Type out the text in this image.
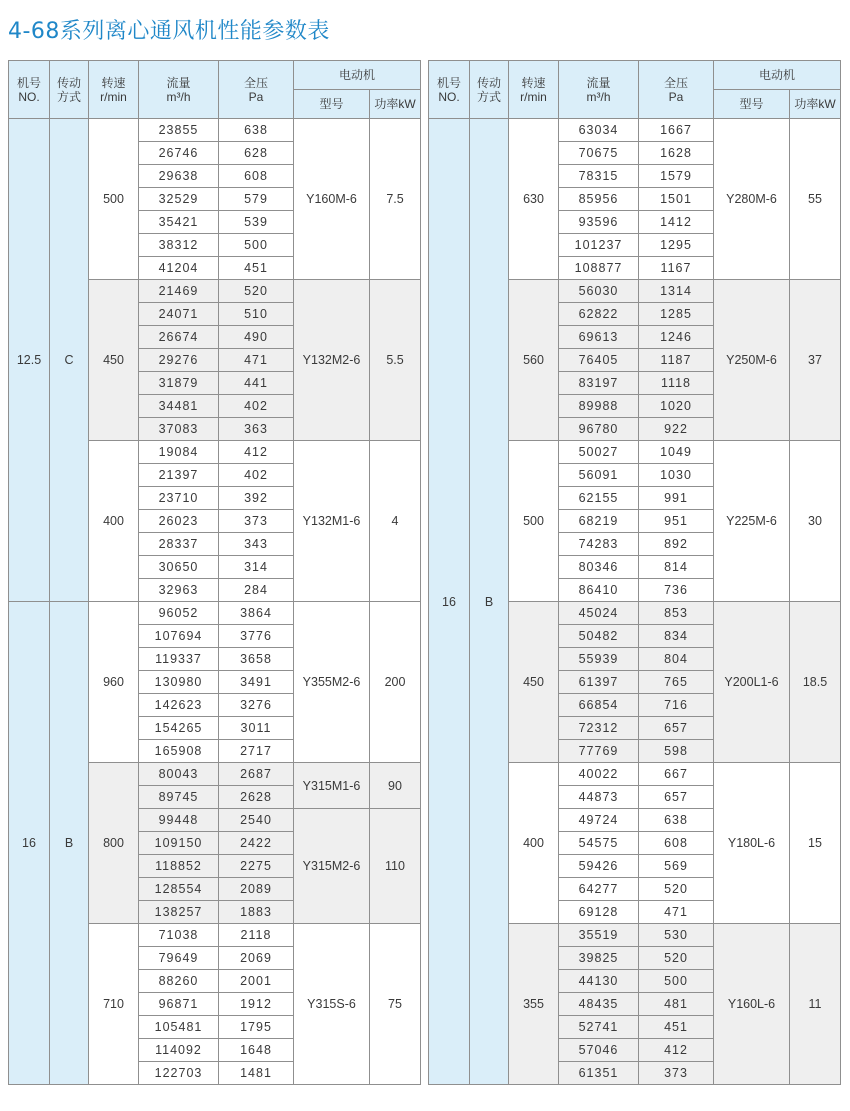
4-68系列离心通风机性能参数表
机号
NO.	传动
方式	转速
r/min	流量
m³/h	全压
Pa	电动机	
					型号	功率kW
12.5	C	500	23855	638	Y160M-6	7.5
			26746	628		
			29638	608		
			32529	579		
			35421	539		
			38312	500		
			41204	451		
		450	21469	520	Y132M2-6	5.5
			24071	510		
			26674	490		
			29276	471		
			31879	441		
			34481	402		
			37083	363		
		400	19084	412	Y132M1-6	4
			21397	402		
			23710	392		
			26023	373		
			28337	343		
			30650	314		
			32963	284		
16	B	960	96052	3864	Y355M2-6	200
			107694	3776		
			119337	3658		
			130980	3491		
			142623	3276		
			154265	3011		
			165908	2717		
		800	80043	2687	Y315M1-6	90
			89745	2628		
			99448	2540	Y315M2-6	110
			109150	2422		
			118852	2275		
			128554	2089		
			138257	1883		
		710	71038	2118	Y315S-6	75
			79649	2069		
			88260	2001		
			96871	1912		
			105481	1795		
			114092	1648		
			122703	1481		
机号
NO.	传动
方式	转速
r/min	流量
m³/h	全压
Pa	电动机	
					型号	功率kW
16	B	630	63034	1667	Y280M-6	55
			70675	1628		
			78315	1579		
			85956	1501		
			93596	1412		
			101237	1295		
			108877	1167		
		560	56030	1314	Y250M-6	37
			62822	1285		
			69613	1246		
			76405	1187		
			83197	1118		
			89988	1020		
			96780	922		
		500	50027	1049	Y225M-6	30
			56091	1030		
			62155	991		
			68219	951		
			74283	892		
			80346	814		
			86410	736		
		450	45024	853	Y200L1-6	18.5
			50482	834		
			55939	804		
			61397	765		
			66854	716		
			72312	657		
			77769	598		
		400	40022	667	Y180L-6	15
			44873	657		
			49724	638		
			54575	608		
			59426	569		
			64277	520		
			69128	471		
		355	35519	530	Y160L-6	11
			39825	520		
			44130	500		
			48435	481		
			52741	451		
			57046	412		
			61351	373		
